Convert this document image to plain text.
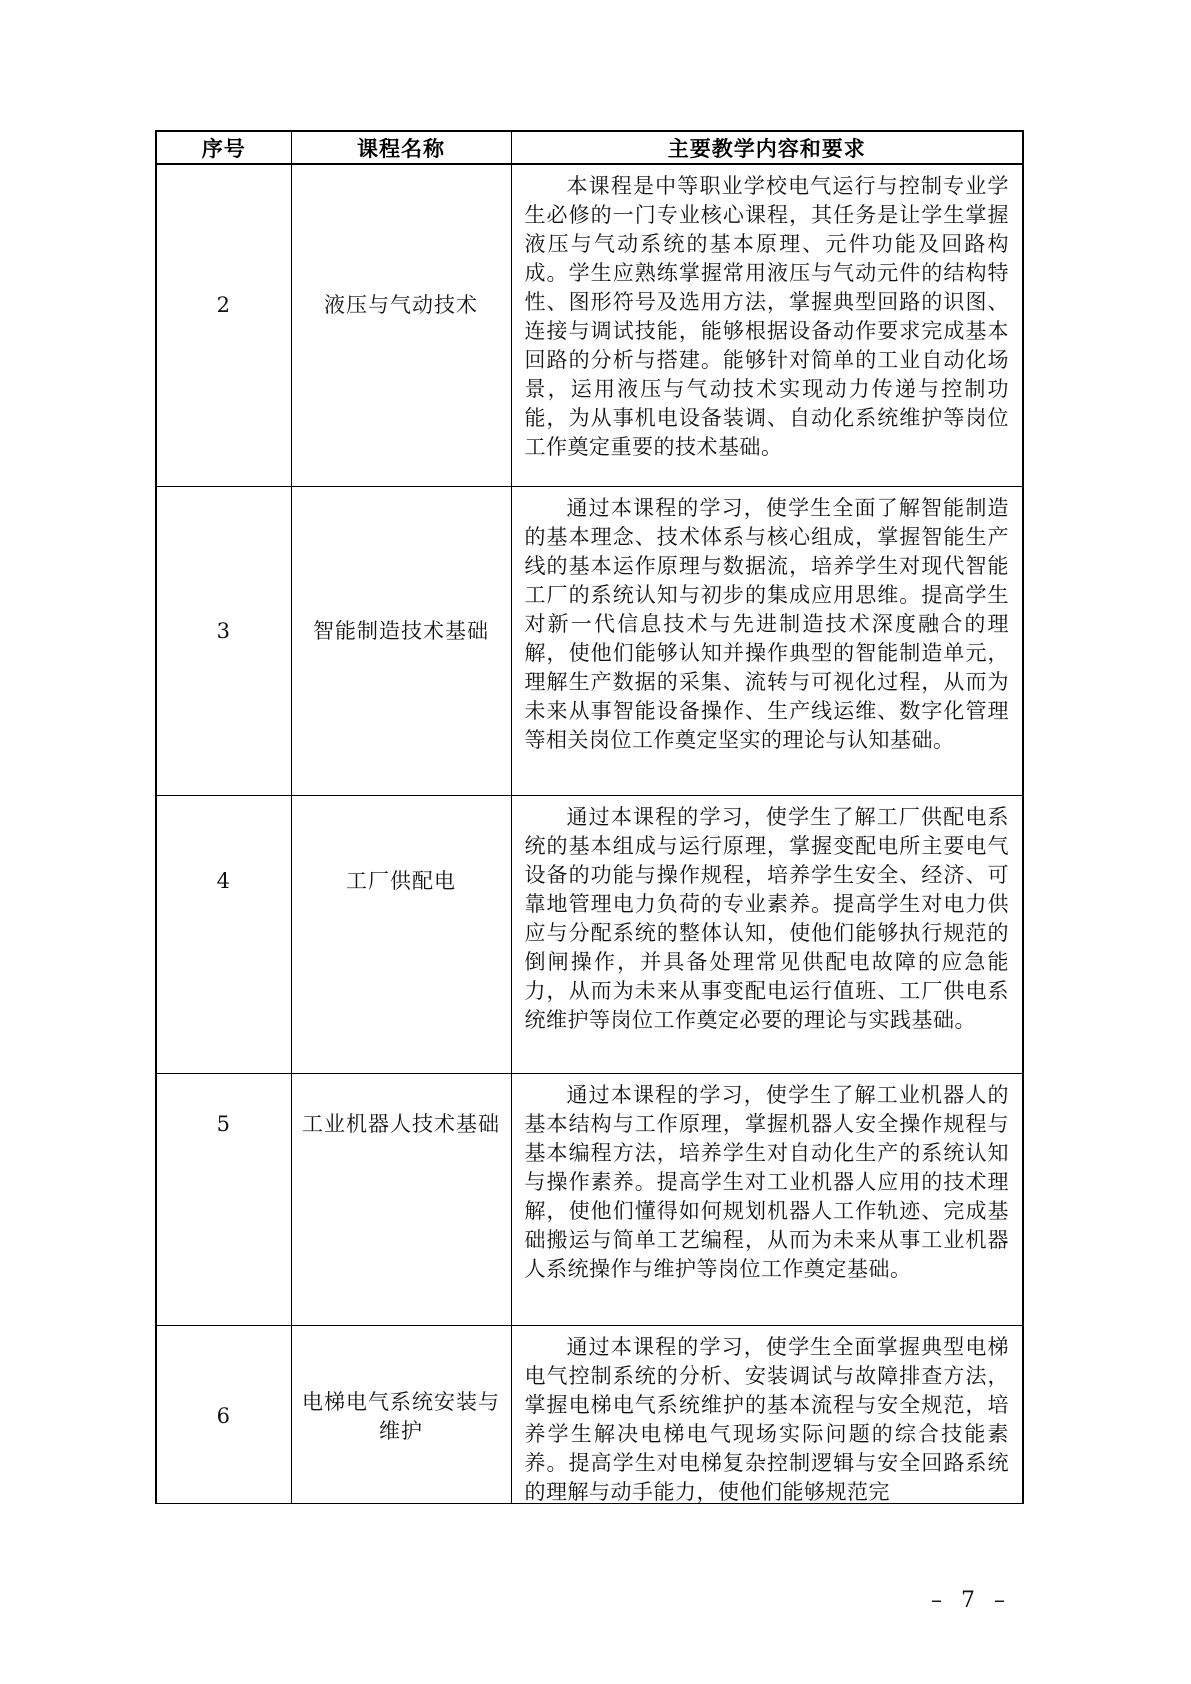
序号	课程名称	主要教学内容和要求

2	液压与气动技术	本课程是中等职业学校电气运行与控制专业学生必修的一门专业核心课程，其任务是让学生掌握液压与气动系统的基本原理、元件功能及回路构成。学生应熟练掌握常用液压与气动元件的结构特性、图形符号及选用方法，掌握典型回路的识图、连接与调试技能，能够根据设备动作要求完成基本回路的分析与搭建。能够针对简单的工业自动化场景，运用液压与气动技术实现动力传递与控制功能，为从事机电设备装调、自动化系统维护等岗位工作奠定重要的技术基础。

3	智能制造技术基础	通过本课程的学习，使学生全面了解智能制造的基本理念、技术体系与核心组成，掌握智能生产线的基本运作原理与数据流，培养学生对现代智能工厂的系统认知与初步的集成应用思维。提高学生对新一代信息技术与先进制造技术深度融合的理解，使他们能够认知并操作典型的智能制造单元，理解生产数据的采集、流转与可视化过程，从而为未来从事智能设备操作、生产线运维、数字化管理等相关岗位工作奠定坚实的理论与认知基础。

4	工厂供配电	通过本课程的学习，使学生了解工厂供配电系统的基本组成与运行原理，掌握变配电所主要电气设备的功能与操作规程，培养学生安全、经济、可靠地管理电力负荷的专业素养。提高学生对电力供应与分配系统的整体认知，使他们能够执行规范的倒闸操作，并具备处理常见供配电故障的应急能力，从而为未来从事变配电运行值班、工厂供电系统维护等岗位工作奠定必要的理论与实践基础。

5	工业机器人技术基础	通过本课程的学习，使学生了解工业机器人的基本结构与工作原理，掌握机器人安全操作规程与基本编程方法，培养学生对自动化生产的系统认知与操作素养。提高学生对工业机器人应用的技术理解，使他们懂得如何规划机器人工作轨迹、完成基础搬运与简单工艺编程，从而为未来从事工业机器人系统操作与维护等岗位工作奠定基础。

6	电梯电气系统安装与维护	通过本课程的学习，使学生全面掌握典型电梯电气控制系统的分析、安装调试与故障排查方法，掌握电梯电气系统维护的基本流程与安全规范，培养学生解决电梯电气现场实际问题的综合技能素养。提高学生对电梯复杂控制逻辑与安全回路系统的理解与动手能力，使他们能够规范完

– 7 –
